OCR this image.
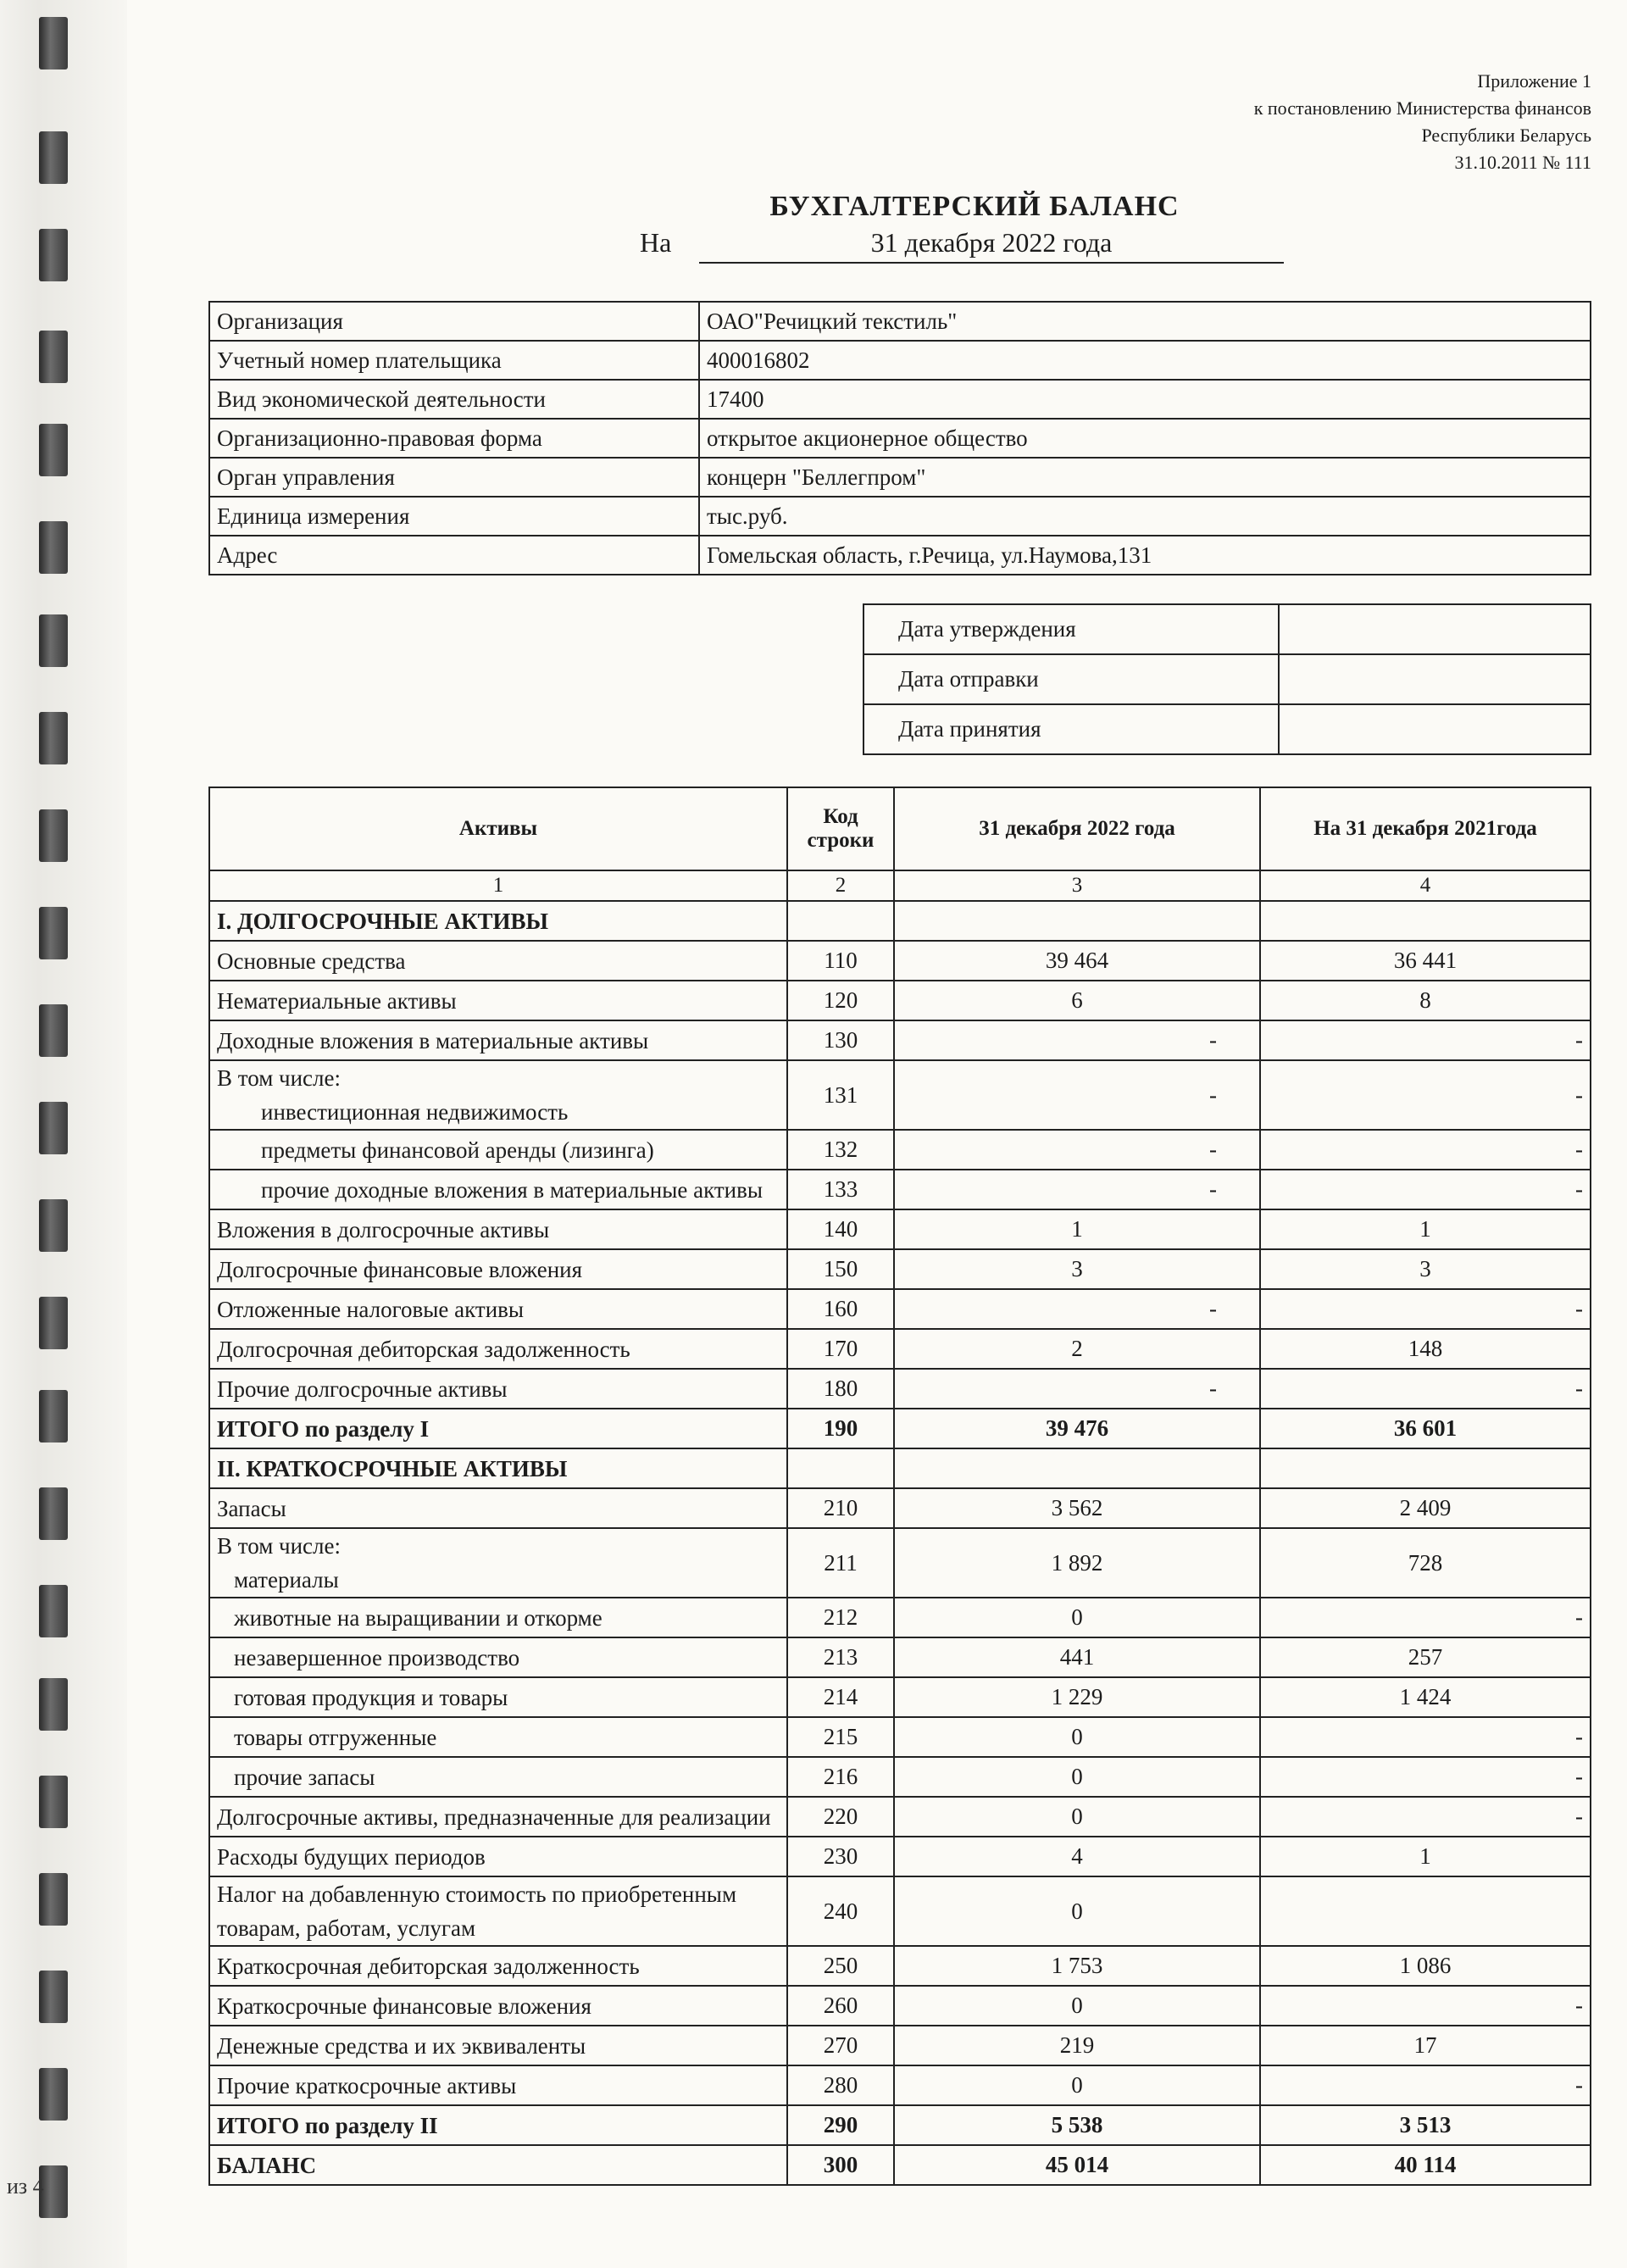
из 4
Приложение 1
к постановлению Министерства финансов
Республики Беларусь
31.10.2011 № 111
БУХГАЛТЕРСКИЙ БАЛАНС
На	31 декабря 2022 года
Организация	ОАО"Речицкий текстиль"
Учетный номер плательщика	400016802
Вид экономической деятельности	17400
Организационно-правовая форма	открытое акционерное общество
Орган управления	концерн "Беллегпром"
Единица измерения	тыс.руб.
Адрес	Гомельская область, г.Речица, ул.Наумова,131
Дата утверждения	
Дата отправки	
Дата принятия	
Активы	Код строки	31 декабря 2022 года	На 31 декабря 2021года
1	2	3	4
I. ДОЛГОСРОЧНЫЕ АКТИВЫ			
Основные средства	110	39 464	36 441
Нематериальные активы	120	6	8
Доходные вложения в материальные активы	130	-	-

В том числе:
инвестиционная недвижимость	131	-	-
предметы финансовой аренды (лизинга)	132	-	-
прочие доходные вложения в материальные активы	133	-	-
Вложения в долгосрочные активы	140	1	1
Долгосрочные финансовые вложения	150	3	3
Отложенные налоговые активы	160	-	-
Долгосрочная дебиторская задолженность	170	2	148
Прочие долгосрочные активы	180	-	-
ИТОГО по разделу I	190	39 476	36 601
II. КРАТКОСРОЧНЫЕ АКТИВЫ			
Запасы	210	3 562	2 409

В том числе:
материалы	211	1 892	728
животные на выращивании и откорме	212	0	-
незавершенное производство	213	441	257
готовая продукция и товары	214	1 229	1 424
товары отгруженные	215	0	-
прочие запасы	216	0	-
Долгосрочные активы, предназначенные для реализации	220	0	-
Расходы будущих периодов	230	4	1
Налог на добавленную стоимость по приобретенным товарам, работам, услугам	240	0	
Краткосрочная дебиторская задолженность	250	1 753	1 086
Краткосрочные финансовые вложения	260	0	-
Денежные средства и их эквиваленты	270	219	17
Прочие краткосрочные активы	280	0	-
ИТОГО по разделу II	290	5 538	3 513
БАЛАНС	300	45 014	40 114
